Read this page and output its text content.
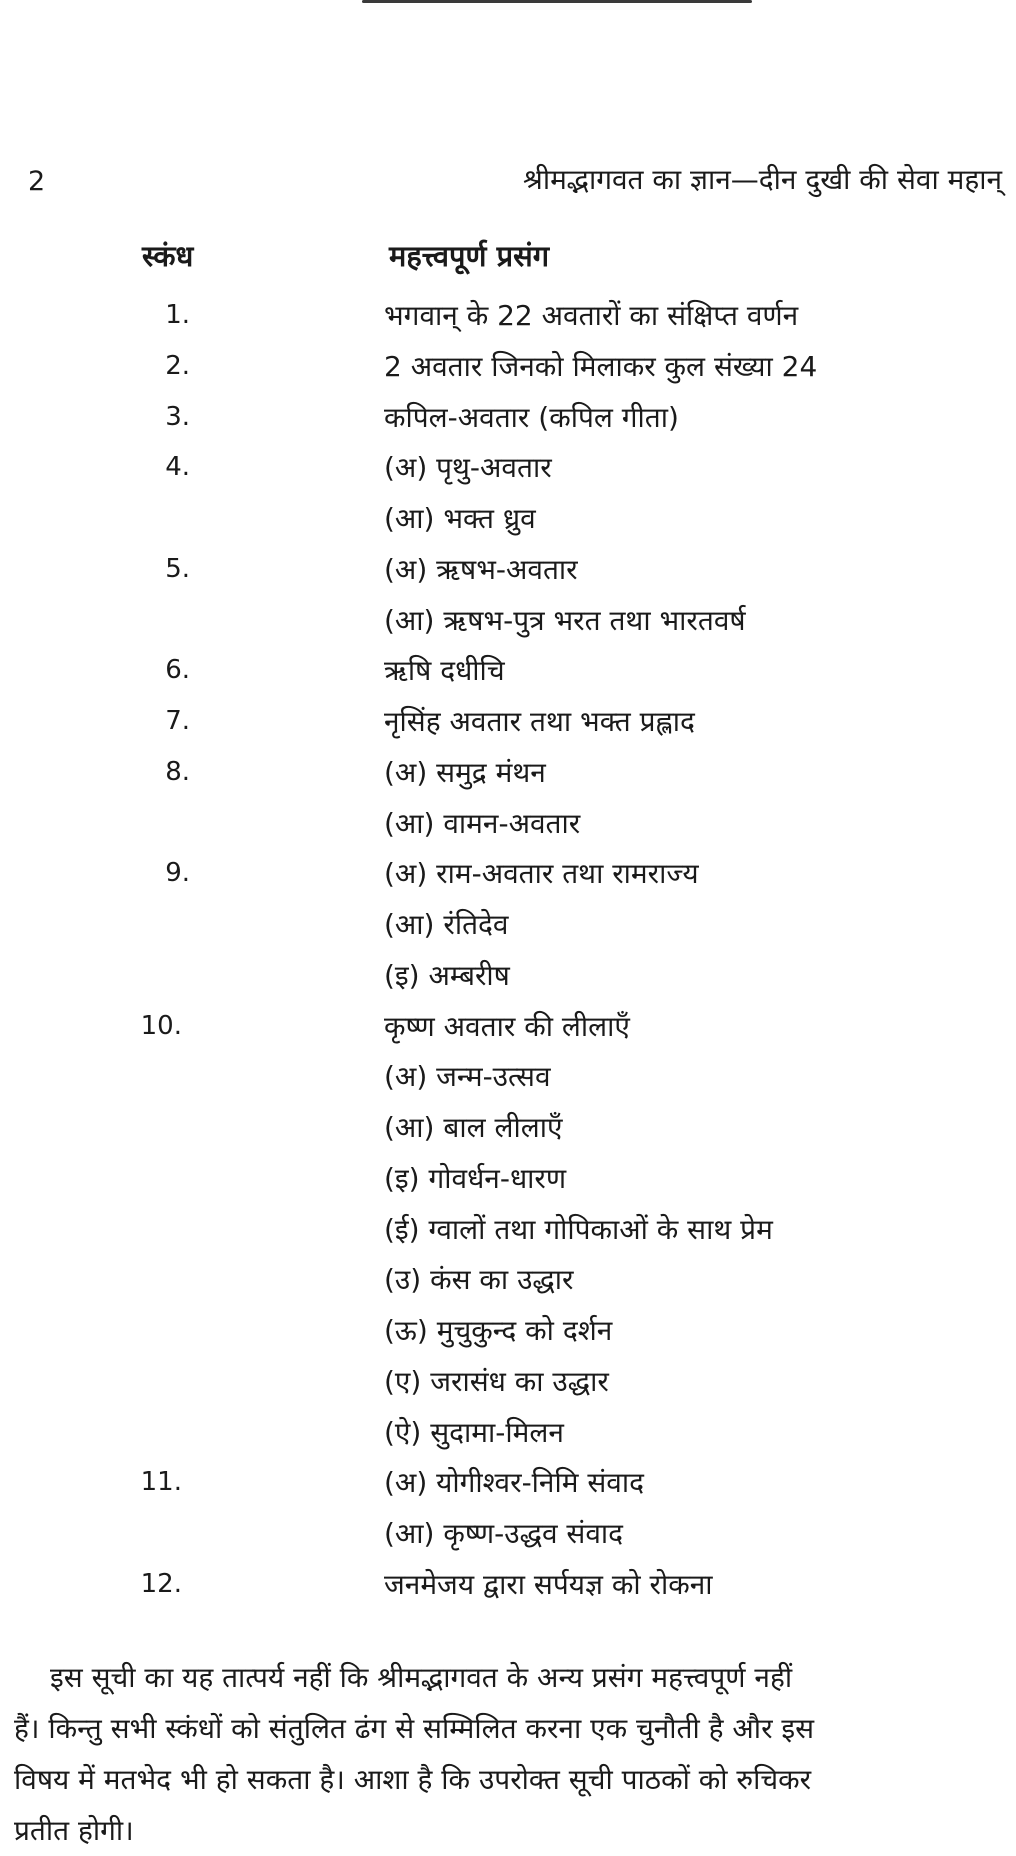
2	श्रीमद्भागवत का ज्ञान—दीन दुखी की सेवा महान्
स्कंध	महत्त्वपूर्ण प्रसंग
1.	भगवान् के 22 अवतारों का संक्षिप्त वर्णन
2.	2 अवतार जिनको मिलाकर कुल संख्या 24
3.	कपिल-अवतार (कपिल गीता)
4.	(अ) पृथु-अवतार
(आ) भक्त ध्रुव
5.	(अ) ऋषभ-अवतार
(आ) ऋषभ-पुत्र भरत तथा भारतवर्ष
6.	ऋषि दधीचि
7.	नृसिंह अवतार तथा भक्त प्रह्लाद
8.	(अ) समुद्र मंथन
(आ) वामन-अवतार
9.	(अ) राम-अवतार तथा रामराज्य
(आ) रंतिदेव
(इ) अम्बरीष
10.	कृष्ण अवतार की लीलाएँ
(अ) जन्म-उत्सव
(आ) बाल लीलाएँ
(इ) गोवर्धन-धारण
(ई) ग्वालों तथा गोपिकाओं के साथ प्रेम
(उ) कंस का उद्धार
(ऊ) मुचुकुन्द को दर्शन
(ए) जरासंध का उद्धार
(ऐ) सुदामा-मिलन
11.	(अ) योगीश्वर-निमि संवाद
(आ) कृष्ण-उद्धव संवाद
12.	जनमेजय द्वारा सर्पयज्ञ को रोकना
इस सूची का यह तात्पर्य नहीं कि श्रीमद्भागवत के अन्य प्रसंग महत्त्वपूर्ण नहीं
हैं। किन्तु सभी स्कंधों को संतुलित ढंग से सम्मिलित करना एक चुनौती है और इस
विषय में मतभेद भी हो सकता है। आशा है कि उपरोक्त सूची पाठकों को रुचिकर
प्रतीत होगी।
